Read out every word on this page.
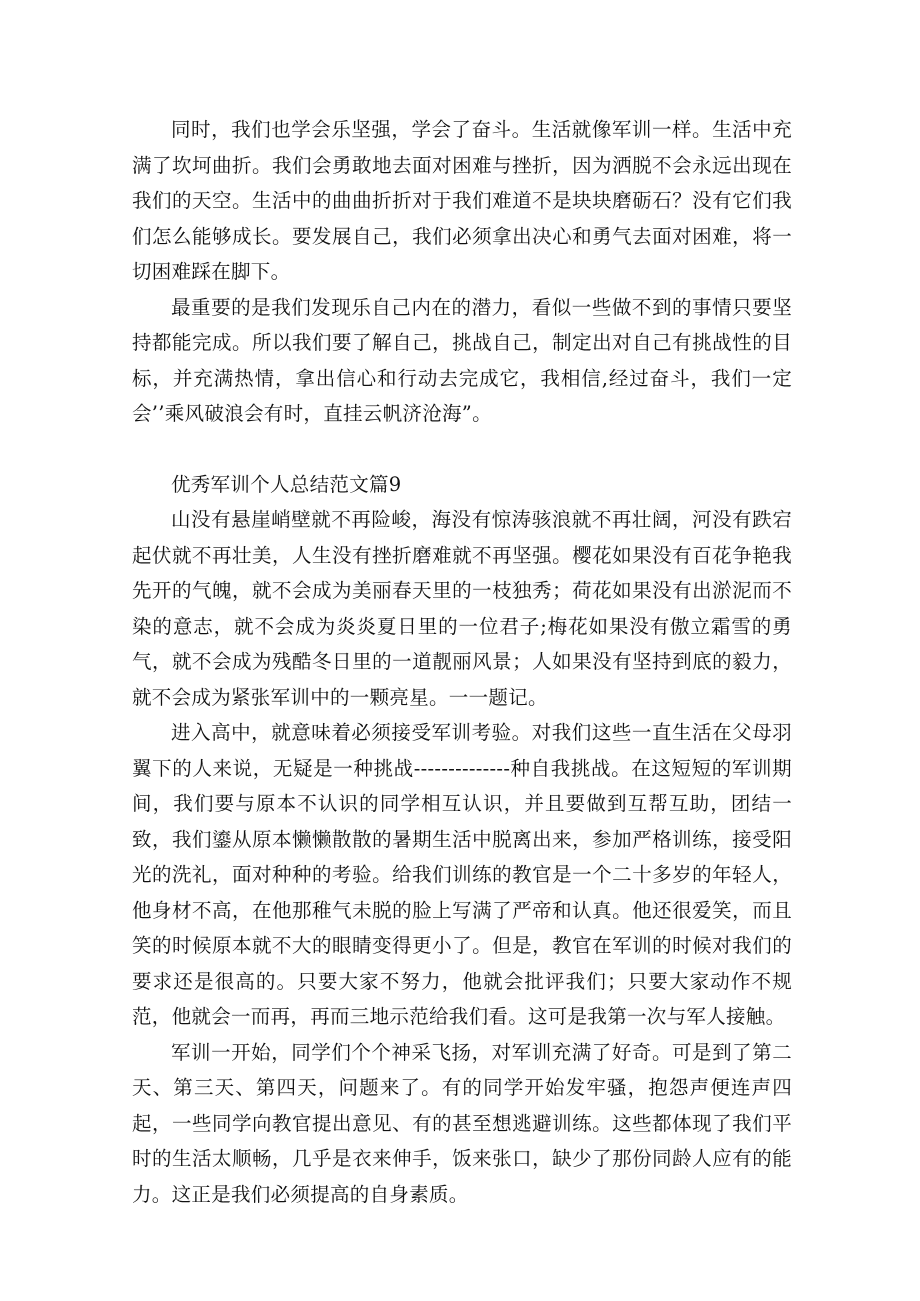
同时，我们也学会乐坚强，学会了奋斗。生活就像军训一样。生活中充满了坎坷曲折。我们会勇敢地去面对困难与挫折，因为洒脱不会永远出现在我们的天空。生活中的曲曲折折对于我们难道不是块块磨砺石？没有它们我们怎么能够成长。要发展自己，我们必须拿出决心和勇气去面对困难，将一切困难踩在脚下。

最重要的是我们发现乐自己内在的潜力，看似一些做不到的事情只要坚持都能完成。所以我们要了解自己，挑战自己，制定出对自己有挑战性的目标，并充满热情，拿出信心和行动去完成它，我相信,经过奋斗，我们一定会’’乘风破浪会有时，直挂云帆济沧海”。

优秀军训个人总结范文篇9

山没有悬崖峭壁就不再险峻，海没有惊涛骇浪就不再壮阔，河没有跌宕起伏就不再壮美，人生没有挫折磨难就不再坚强。樱花如果没有百花争艳我先开的气魄，就不会成为美丽春天里的一枝独秀；荷花如果没有出淤泥而不染的意志，就不会成为炎炎夏日里的一位君子;梅花如果没有傲立霜雪的勇气，就不会成为残酷冬日里的一道靓丽风景；人如果没有坚持到底的毅力，就不会成为紧张军训中的一颗亮星。一一题记。

进入高中，就意味着必须接受军训考验。对我们这些一直生活在父母羽翼下的人来说，无疑是一种挑战--------------种自我挑战。在这短短的军训期间，我们要与原本不认识的同学相互认识，并且要做到互帮互助，团结一致，我们鎏从原本懒懒散散的暑期生活中脱离出来，参加严格训练，接受阳光的洗礼，面对种种的考验。给我们训练的教官是一个二十多岁的年轻人，他身材不高，在他那稚气未脱的脸上写满了严帝和认真。他还很爱笑，而且笑的时候原本就不大的眼睛变得更小了。但是，教官在军训的时候对我们的要求还是很高的。只要大家不努力，他就会批评我们；只要大家动作不规范，他就会一而再，再而三地示范给我们看。这可是我第一次与军人接触。

军训一开始，同学们个个神采飞扬，对军训充满了好奇。可是到了第二天、第三天、第四天，问题来了。有的同学开始发牢骚，抱怨声便连声四起，一些同学向教官提出意见、有的甚至想逃避训练。这些都体现了我们平时的生活太顺畅，几乎是衣来伸手，饭来张口，缺少了那份同龄人应有的能力。这正是我们必须提高的自身素质。
